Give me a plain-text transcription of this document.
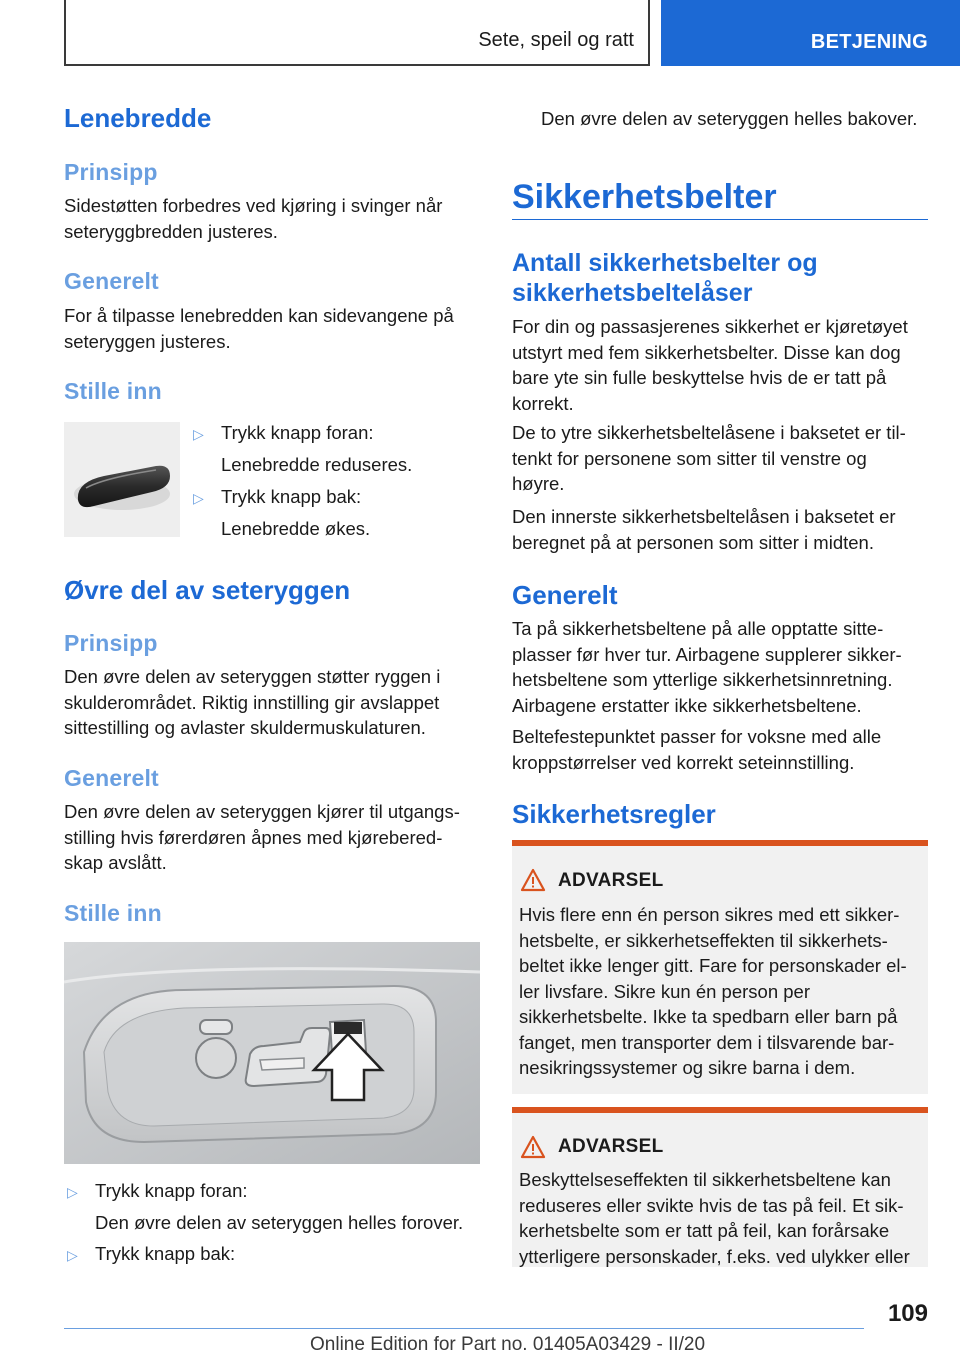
Sete, speil og ratt	BETJENING
Lenebredde
Prinsipp
Sidestøtten forbedres ved kjøring i svinger når
seteryggbredden justeres.
Generelt
For å tilpasse lenebredden kan sidevangene på
seteryggen justeres.
Stille inn
▷ Trykk knapp foran:
Lenebredde reduseres.
▷ Trykk knapp bak:
Lenebredde økes.
Øvre del av seteryggen
Prinsipp
Den øvre delen av seteryggen støtter ryggen i
skulderområdet. Riktig innstilling gir avslappet
sittestilling og avlaster skuldermuskulaturen.
Generelt
Den øvre delen av seteryggen kjører til utgangs-
stilling hvis førerdøren åpnes med kjørebered-
skap avslått.
Stille inn
▷ Trykk knapp foran:
Den øvre delen av seteryggen helles forover.
▷ Trykk knapp bak:
Den øvre delen av seteryggen helles bakover.
Sikkerhetsbelter
Antall sikkerhetsbelter og
sikkerhetsbeltelåser
For din og passasjerenes sikkerhet er kjøretøyet
utstyrt med fem sikkerhetsbelter. Disse kan dog
bare yte sin fulle beskyttelse hvis de er tatt på
korrekt.
De to ytre sikkerhetsbeltelåsene i baksetet er til-
tenkt for personene som sitter til venstre og
høyre.
Den innerste sikkerhetsbeltelåsen i baksetet er
beregnet på at personen som sitter i midten.
Generelt
Ta på sikkerhetsbeltene på alle opptatte sitte-
plasser før hver tur. Airbagene supplerer sikker-
hetsbeltene som ytterlige sikkerhetsinnretning.
Airbagene erstatter ikke sikkerhetsbeltene.
Beltefestepunktet passer for voksne med alle
kroppstørrelser ved korrekt seteinnstilling.
Sikkerhetsregler
ADVARSEL
Hvis flere enn én person sikres med ett sikker-
hetsbelte, er sikkerhetseffekten til sikkerhets-
beltet ikke lenger gitt. Fare for personskader el-
ler livsfare. Sikre kun én person per
sikkerhetsbelte. Ikke ta spedbarn eller barn på
fanget, men transporter dem i tilsvarende bar-
nesikringssystemer og sikre barna i dem.
ADVARSEL
Beskyttelseseffekten til sikkerhetsbeltene kan
reduseres eller svikte hvis de tas på feil. Et sik-
kerhetsbelte som er tatt på feil, kan forårsake
ytterligere personskader, f.eks. ved ulykker eller
109
Online Edition for Part no. 01405A03429 - II/20
